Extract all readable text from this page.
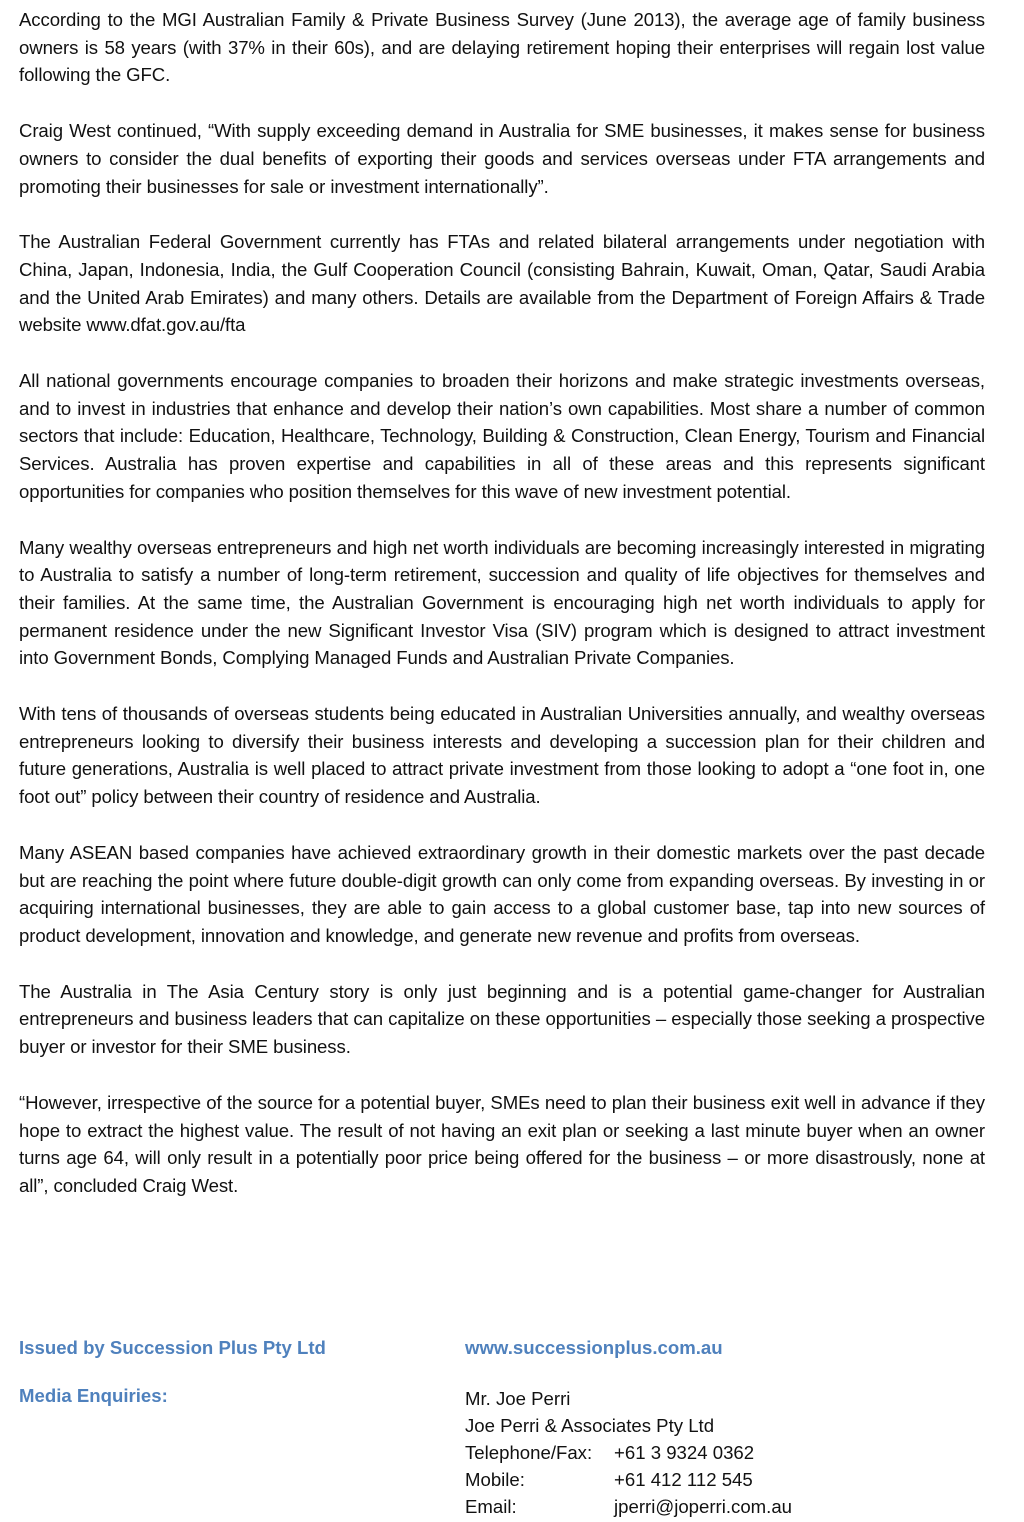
According to the MGI Australian Family & Private Business Survey (June 2013), the average age of family business owners is 58 years (with 37% in their 60s), and are delaying retirement hoping their enterprises will regain lost value following the GFC.

Craig West continued, “With supply exceeding demand in Australia for SME businesses, it makes sense for business owners to consider the dual benefits of exporting their goods and services overseas under FTA arrangements and promoting their businesses for sale or investment internationally”.

The Australian Federal Government currently has FTAs and related bilateral arrangements under negotiation with China, Japan, Indonesia, India, the Gulf Cooperation Council (consisting Bahrain, Kuwait, Oman, Qatar, Saudi Arabia and the United Arab Emirates) and many others. Details are available from the Department of Foreign Affairs & Trade website www.dfat.gov.au/fta

All national governments encourage companies to broaden their horizons and make strategic investments overseas, and to invest in industries that enhance and develop their nation’s own capabilities. Most share a number of common sectors that include: Education, Healthcare, Technology, Building & Construction, Clean Energy, Tourism and Financial Services. Australia has proven expertise and capabilities in all of these areas and this represents significant opportunities for companies who position themselves for this wave of new investment potential.

Many wealthy overseas entrepreneurs and high net worth individuals are becoming increasingly interested in migrating to Australia to satisfy a number of long-term retirement, succession and quality of life objectives for themselves and their families. At the same time, the Australian Government is encouraging high net worth individuals to apply for permanent residence under the new Significant Investor Visa (SIV) program which is designed to attract investment into Government Bonds, Complying Managed Funds and Australian Private Companies.

With tens of thousands of overseas students being educated in Australian Universities annually, and wealthy overseas entrepreneurs looking to diversify their business interests and developing a succession plan for their children and future generations, Australia is well placed to attract private investment from those looking to adopt a “one foot in, one foot out” policy between their country of residence and Australia.

Many ASEAN based companies have achieved extraordinary growth in their domestic markets over the past decade but are reaching the point where future double-digit growth can only come from expanding overseas. By investing in or acquiring international businesses, they are able to gain access to a global customer base, tap into new sources of product development, innovation and knowledge, and generate new revenue and profits from overseas.

The Australia in The Asia Century story is only just beginning and is a potential game-changer for Australian entrepreneurs and business leaders that can capitalize on these opportunities – especially those seeking a prospective buyer or investor for their SME business.

“However, irrespective of the source for a potential buyer, SMEs need to plan their business exit well in advance if they hope to extract the highest value. The result of not having an exit plan or seeking a last minute buyer when an owner turns age 64, will only result in a potentially poor price being offered for the business – or more disastrously, none at all”, concluded Craig West.

Issued by Succession Plus Pty Ltd	www.successionplus.com.au
Media Enquiries:	Mr. Joe Perri
Joe Perri & Associates Pty Ltd
Telephone/Fax:	+61 3 9324 0362
Mobile:	+61 412 112 545
Email:	jperri@joperri.com.au
